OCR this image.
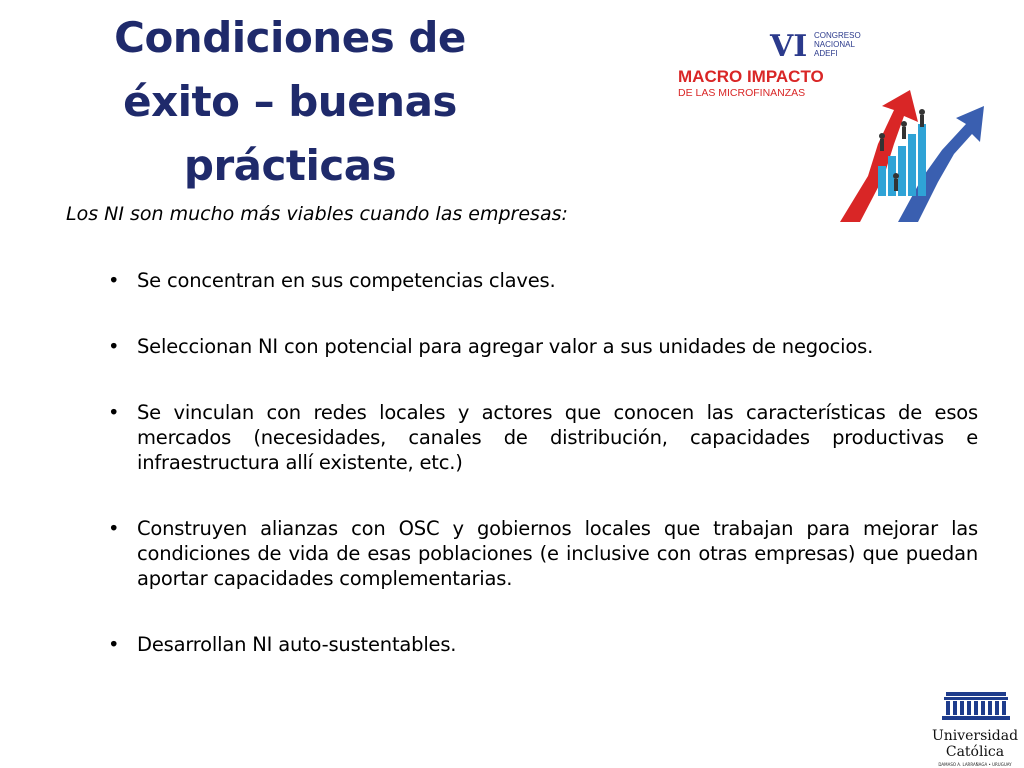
Condiciones de
éxito – buenas
prácticas
Los NI son mucho más viables cuando las empresas:
• Se concentran en sus competencias claves.
• Seleccionan NI con potencial para agregar valor a sus unidades de negocios.
• Se vinculan con redes locales y actores que conocen las características de esos mercados (necesidades, canales de distribución, capacidades productivas e infraestructura allí existente, etc.)
• Construyen alianzas con OSC y gobiernos locales que trabajan para mejorar las condiciones de vida de esas poblaciones (e inclusive con otras empresas) que puedan aportar capacidades complementarias.
• Desarrollan NI auto-sustentables.
VI CONGRESO
NACIONAL
ADEFI
MACRO IMPACTO
DE LAS MICROFINANZAS
Universidad
Católica
DAMASO A. LARRAÑAGA • URUGUAY
